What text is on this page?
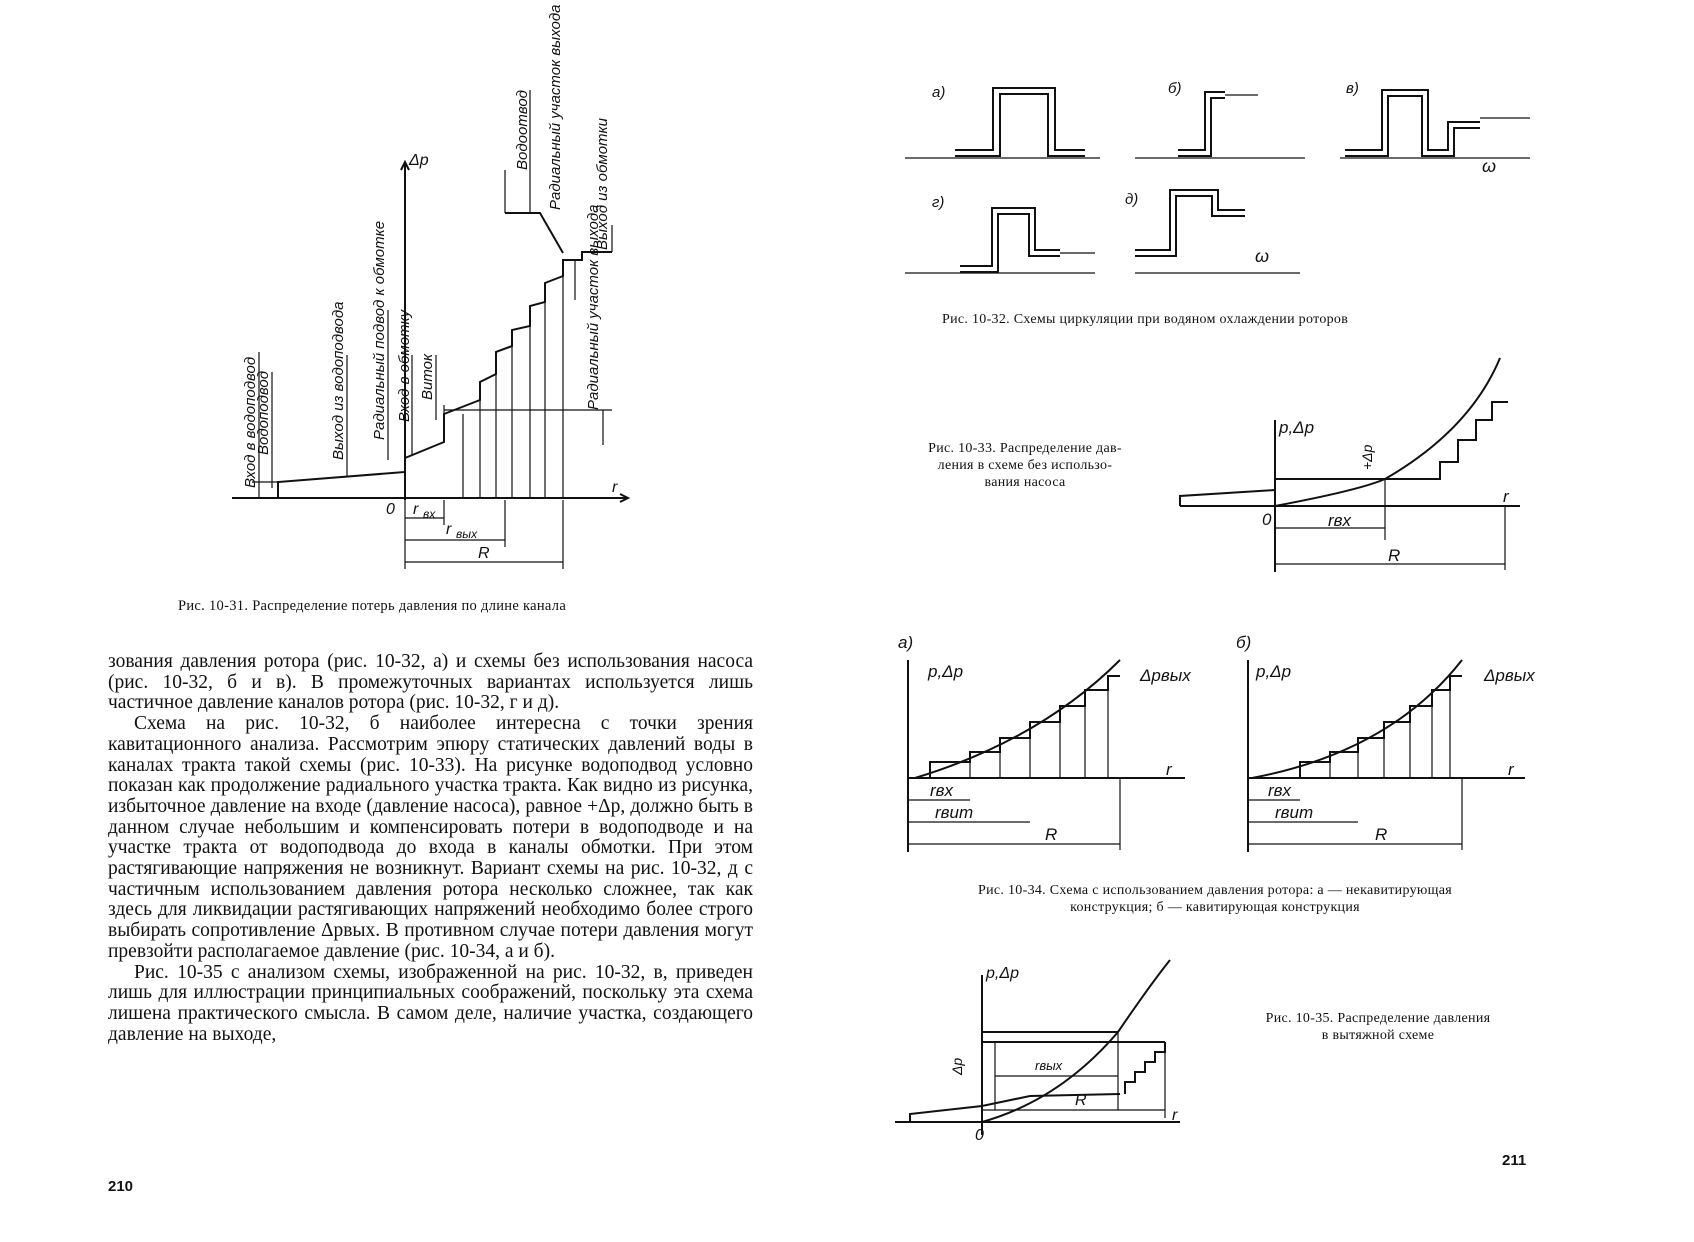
Вход в водоподвод
Водоподвод	Выход из водоподвода Радиальный подвод к обмотке Вход в обмотку Виток
Водоотвод Радиальный участок выхода Выход из обмотки
Радиальный участок выхода
Δp
r
0 r вх
r вых
R
а)	б)	в)
г)	д)
ω
ω
p,Δp
+Δp
r
0	rвх
R
а)
p,Δp	Δpвых
r
rвх
rвит
R
б)
p,Δp	Δpвых
r
rвх
rвит
R
p,Δp
Δp	rвых
R
r
0
Рис. 10-31. Распределение потерь давления по длине канала

зования давления ротора (рис. 10-32, а) и схемы без использования насоса (рис. 10-32, б и в). В промежуточных вариантах используется лишь частичное давление каналов ротора (рис. 10-32, г и д).

Схема на рис. 10-32, б наиболее интересна с точки зрения кавитационного анализа. Рассмотрим эпюру статических давлений воды в каналах тракта такой схемы (рис. 10-33). На рисунке водоподвод условно показан как продолжение радиального участка тракта. Как видно из рисунка, избыточное давление на входе (давление насоса), равное +Δp, должно быть в данном случае небольшим и компенсировать потери в водоподводе и на участке тракта от водоподвода до входа в каналы обмотки. При этом растягивающие напряжения не возникнут. Вариант схемы на рис. 10-32, д с частичным использованием давления ротора несколько сложнее, так как здесь для ликвидации растягивающих напряжений необходимо более строго выбирать сопротивление Δpвых. В противном случае потери давления могут превзойти располагаемое давление (рис. 10-34, а и б).

Рис. 10-35 с анализом схемы, изображенной на рис. 10-32, в, приведен лишь для иллюстрации принципиальных соображений, поскольку эта схема лишена практического смысла. В самом деле, наличие участка, создающего давление на выходе,

210
Рис. 10-32. Схемы циркуляции при водяном охлаждении роторов
Рис. 10-33. Распределение дав-
ления в схеме без использо-
вания насоса
Рис. 10-34. Схема с использованием давления ротора: а — некавитирующая
конструкция; б — кавитирующая конструкция
Рис. 10-35. Распределение давления
в вытяжной схеме
211
